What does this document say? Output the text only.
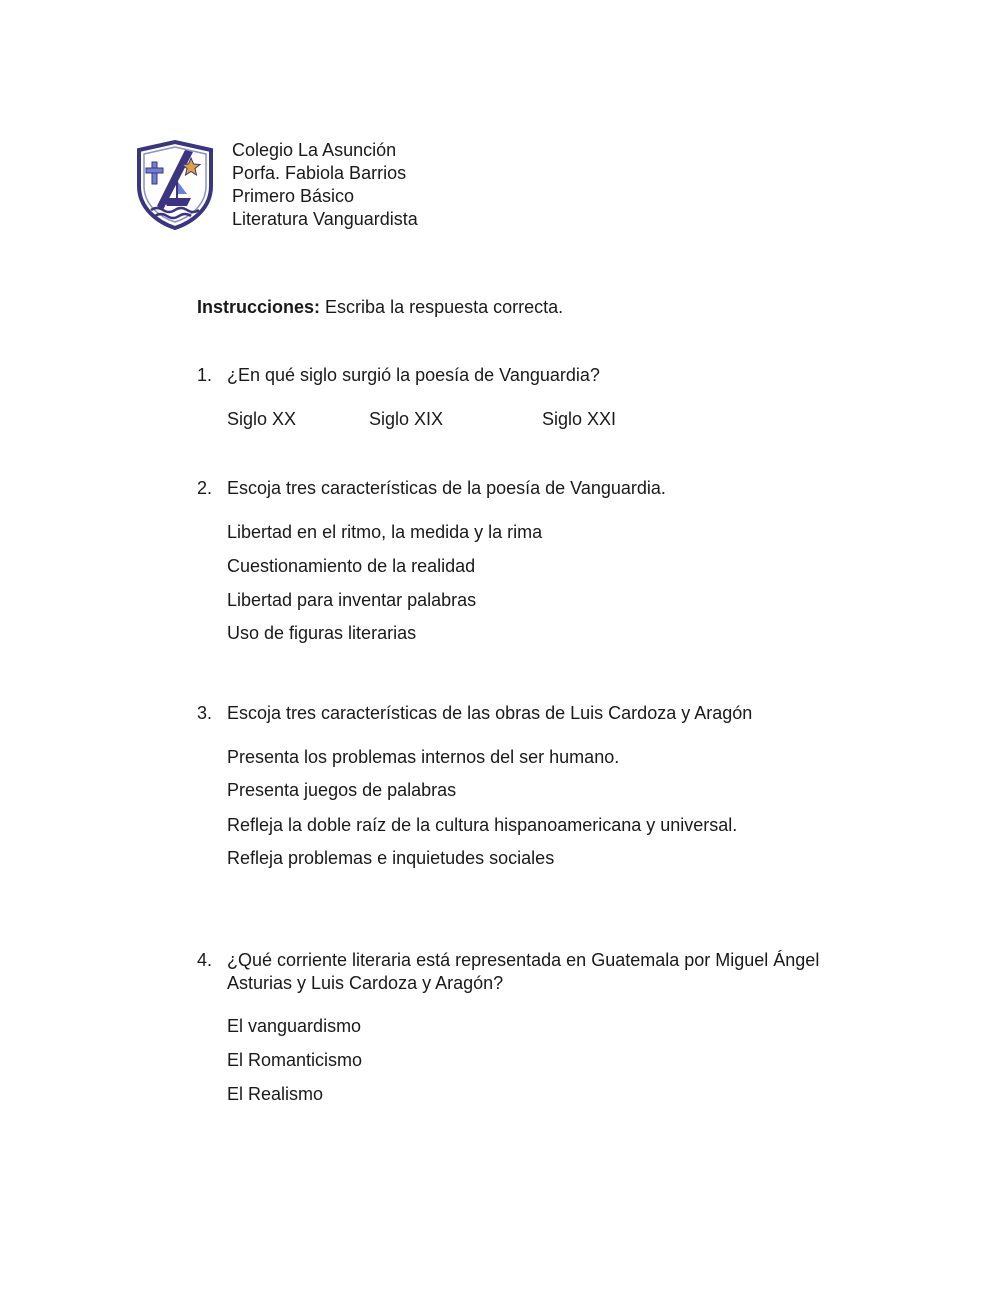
Colegio La Asunción
Porfa. Fabiola Barrios
Primero Básico
Literatura Vanguardista
Instrucciones: Escriba la respuesta correcta.
1. ¿En qué siglo surgió la poesía de Vanguardia?
Siglo XX	Siglo XIX	Siglo XXI
2. Escoja tres características de la poesía de Vanguardia.
Libertad en el ritmo, la medida y la rima
Cuestionamiento de la realidad
Libertad para inventar palabras
Uso de figuras literarias
3. Escoja tres características de las obras de Luis Cardoza y Aragón
Presenta los problemas internos del ser humano.
Presenta juegos de palabras
Refleja la doble raíz de la cultura hispanoamericana y universal.
Refleja problemas e inquietudes sociales
4. ¿Qué corriente literaria está representada en Guatemala por Miguel Ángel Asturias y Luis Cardoza y Aragón?
El vanguardismo
El Romanticismo
El Realismo
